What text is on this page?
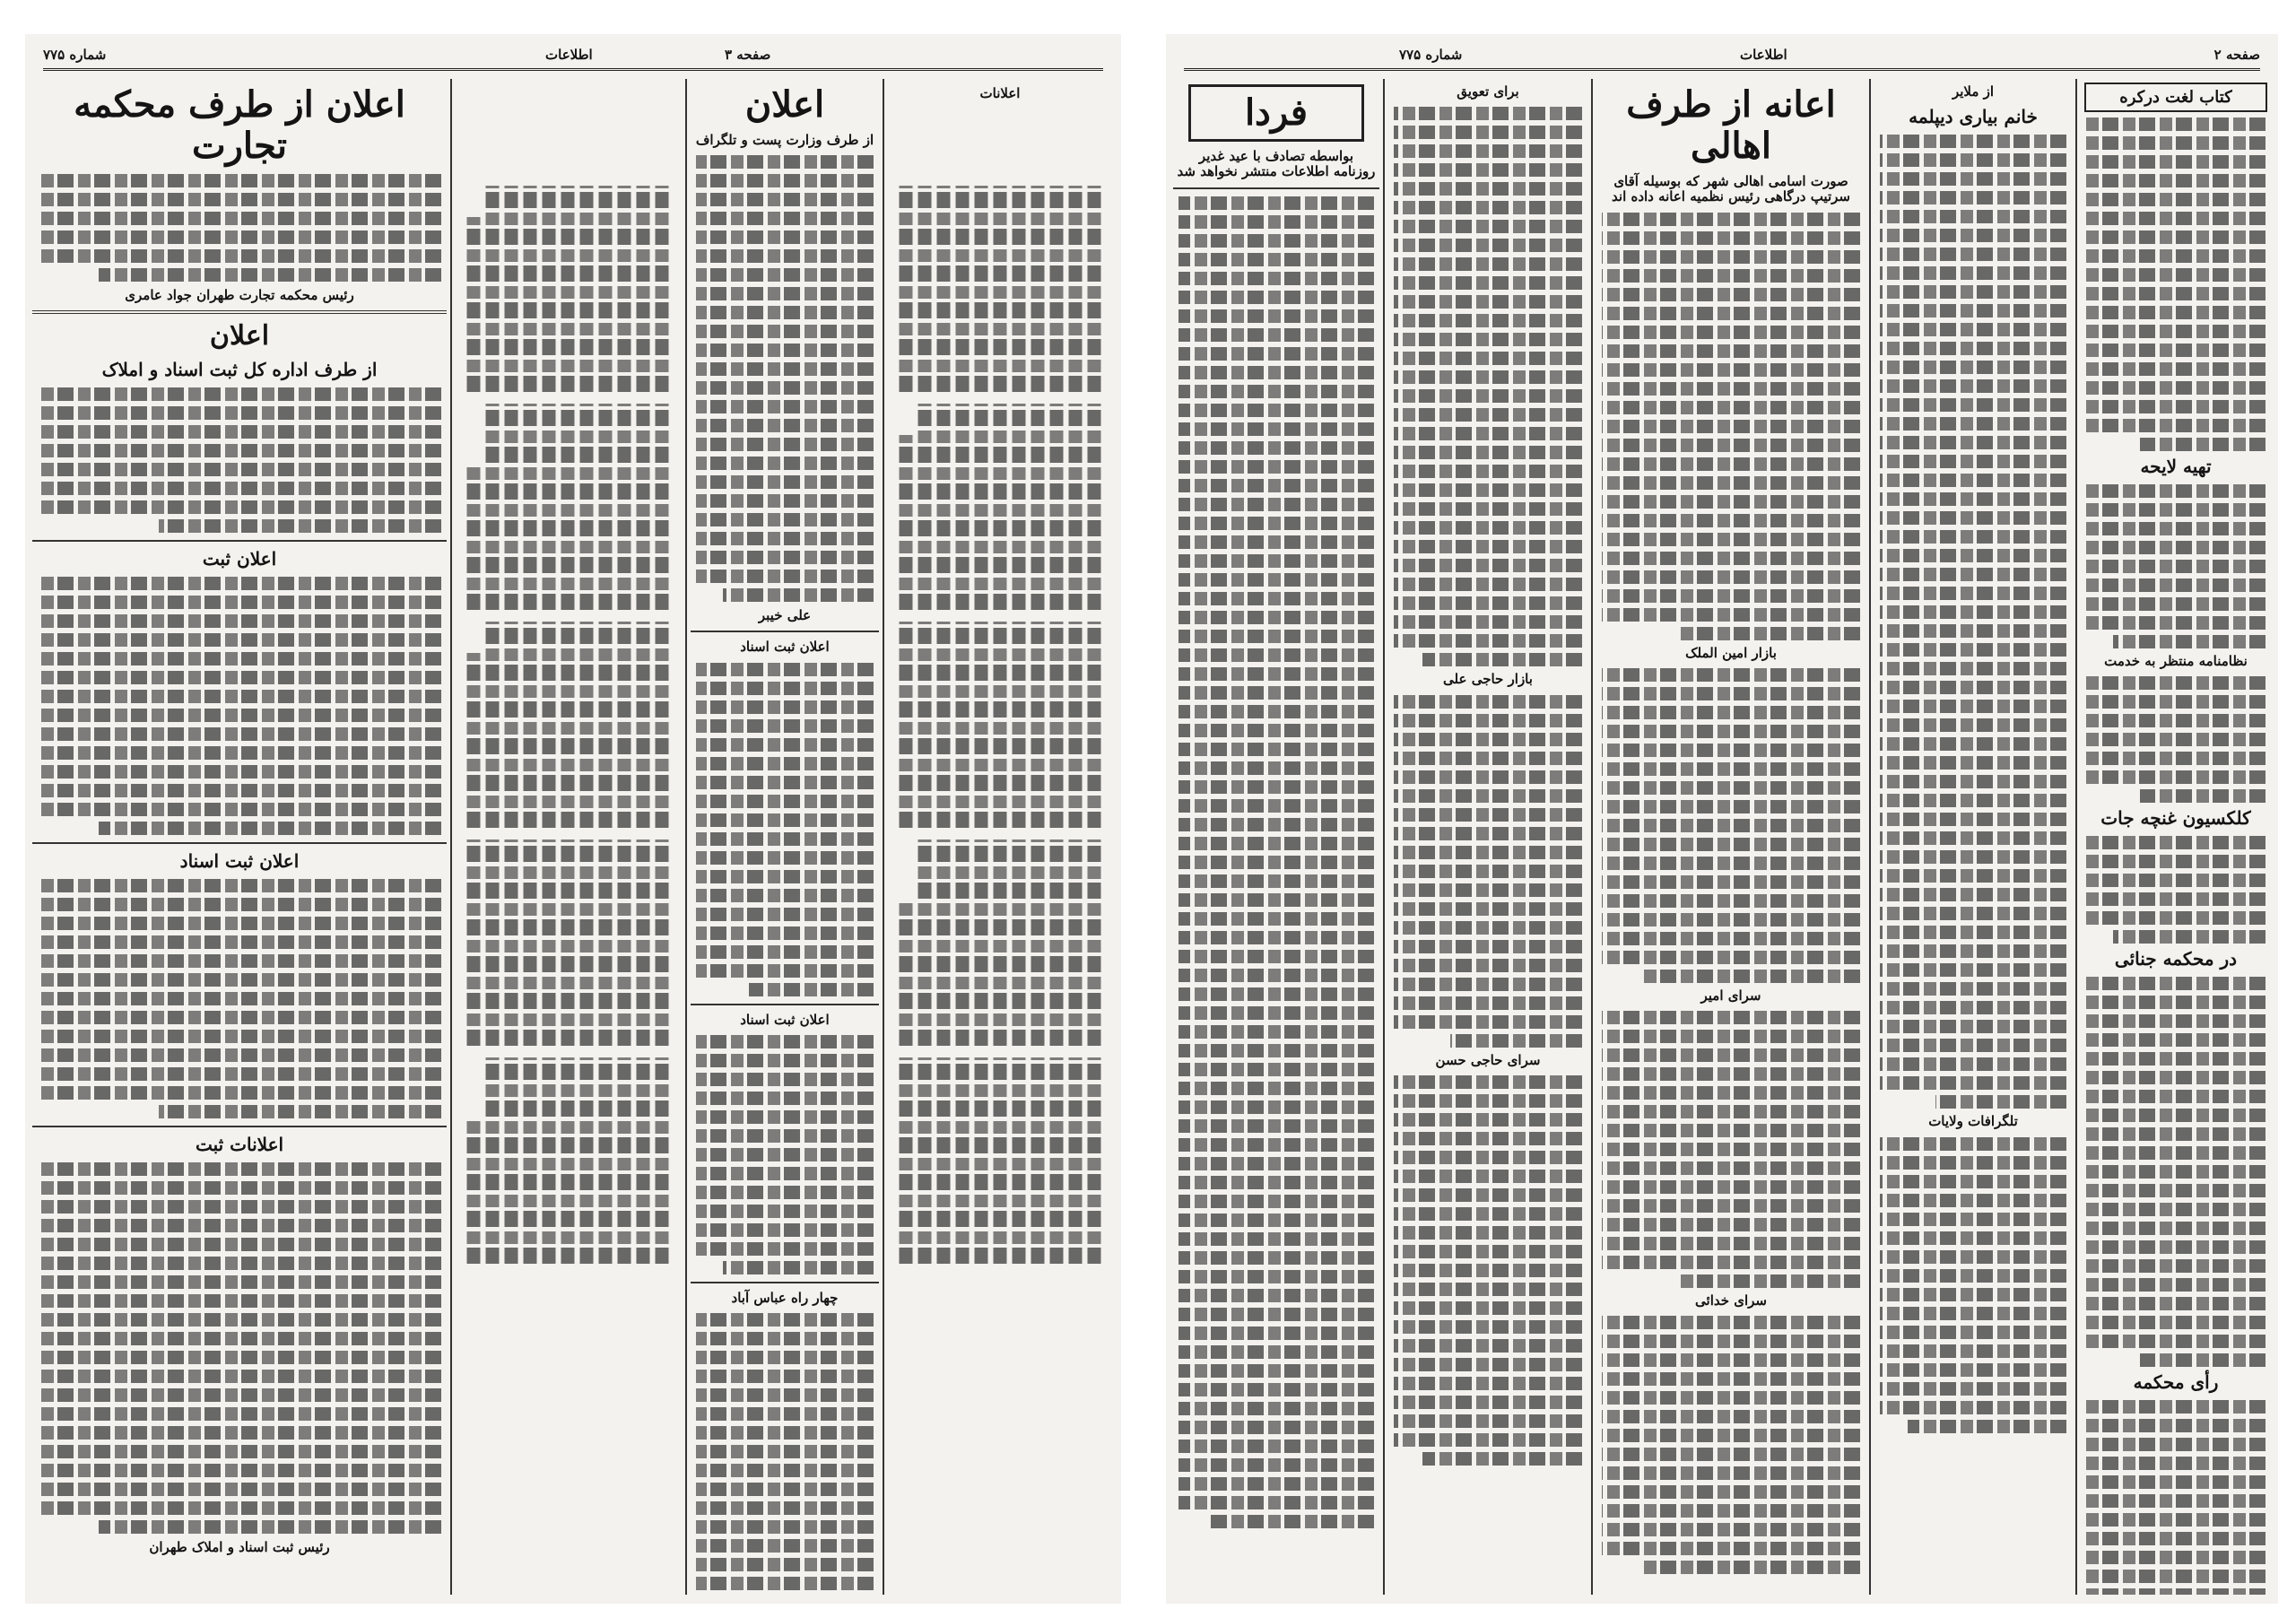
شماره ۷۷۵	اطلاعات	صفحه ۳
اعلان از طرف محکمه تجارت
رئیس محکمه تجارت طهران جواد عامری
اعلان
از طرف اداره کل ثبت اسناد و املاک
اعلان ثبت
اعلان ثبت اسناد
اعلانات ثبت
رئیس ثبت اسناد و املاک طهران

اعلان
از طرف وزارت پست و تلگراف
علی خیبر
اعلان ثبت اسناد
اعلان ثبت اسناد
چهار راه عباس آباد
اعلانات

شماره ۷۷۵	اطلاعات	صفحه ۲
فردا
بواسطه تصادف با عید غدیر روزنامه اطلاعات منتشر نخواهد شد
برای تعویق
بازار حاجی علی
سرای حاجی حسن
اعانه از طرف اهالی
صورت اسامی اهالی شهر که بوسیله آقای سرتیپ درگاهی رئیس نظمیه اعانه داده اند
بازار امین الملک
سرای امیر
سرای خدائی
از ملایر
خانم بیاری دیپلمه
تلگرافات ولایات
کتاب لغت درکره
تهیه لایحه
نظامنامه منتظر به خدمت
کلکسیون غنچه جات
در محکمه جنائی
رأی محکمه
